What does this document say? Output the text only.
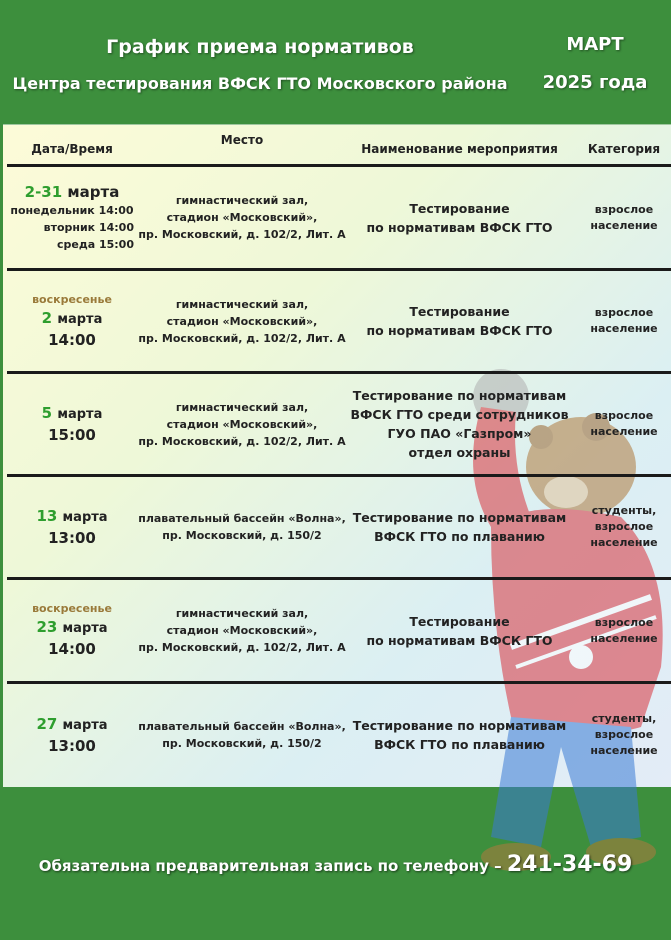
График приема нормативов
Центра тестирования ВФСК ГТО Московского района
МАРТ
2025 года
Дата/Время
Место
Наименование мероприятия	Категория
2-31 марта
понедельник 14:00
вторник 14:00
среда 15:00
гимнастический зал,
стадион «Московский»,
пр. Московский, д. 102/2, Лит. А
Тестирование
по нормативам ВФСК ГТО
взрослое
население
воскресенье
2 марта
14:00
гимнастический зал,
стадион «Московский»,
пр. Московский, д. 102/2, Лит. А
Тестирование
по нормативам ВФСК ГТО
взрослое
население
5 марта
15:00
гимнастический зал,
стадион «Московский»,
пр. Московский, д. 102/2, Лит. А
Тестирование по нормативам
ВФСК ГТО среди сотрудников
ГУО ПАО «Газпром»
отдел охраны
взрослое
население
13 марта
13:00
плавательный бассейн «Волна»,
пр. Московский, д. 150/2
Тестирование по нормативам
ВФСК ГТО по плаванию
студенты,
взрослое
население
воскресенье
23 марта
14:00
гимнастический зал,
стадион «Московский»,
пр. Московский, д. 102/2, Лит. А
Тестирование
по нормативам ВФСК ГТО
взрослое
население
27 марта
13:00
плавательный бассейн «Волна»,
пр. Московский, д. 150/2
Тестирование по нормативам
ВФСК ГТО по плаванию
студенты,
взрослое
население
Обязательна предварительная запись по телефону – 241-34-69
